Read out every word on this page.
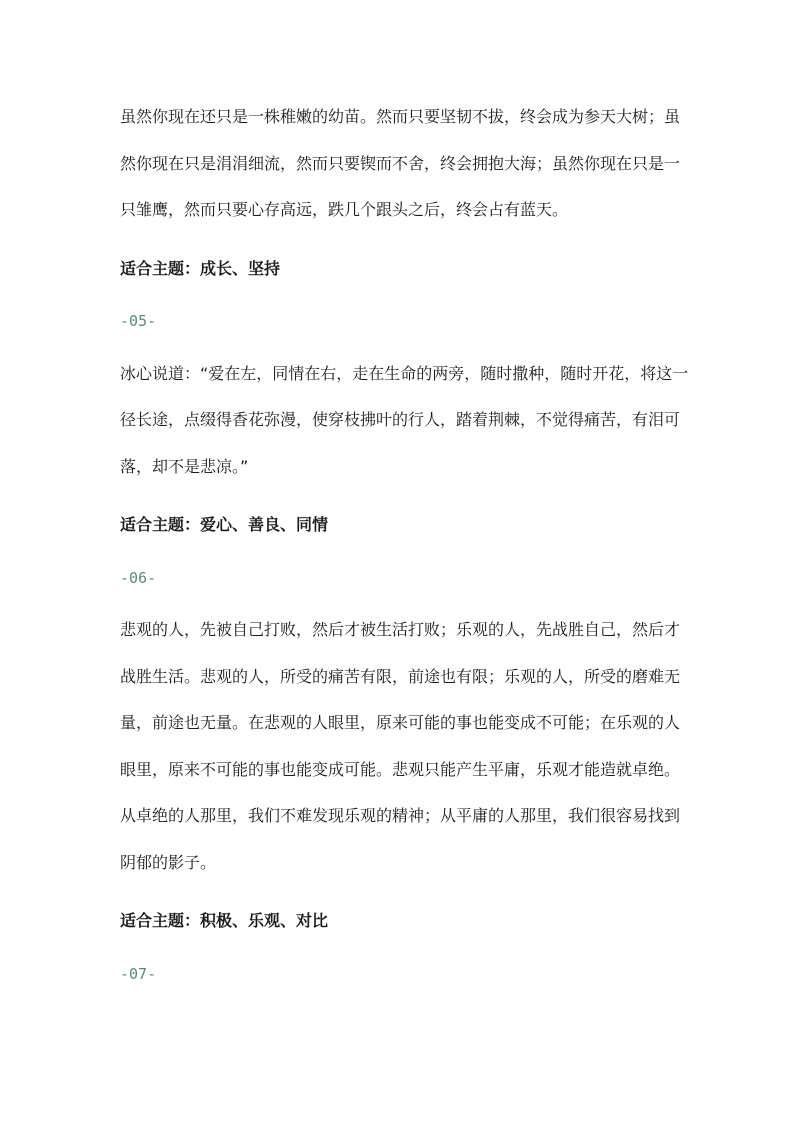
虽然你现在还只是一株稚嫩的幼苗。然而只要坚韧不拔，终会成为参天大树；虽然你现在只是涓涓细流，然而只要锲而不舍，终会拥抱大海；虽然你现在只是一只雏鹰，然而只要心存高远，跌几个跟头之后，终会占有蓝天。

适合主题：成长、坚持

-05-

冰心说道：“爱在左，同情在右，走在生命的两旁，随时撒种，随时开花，将这一径长途，点缀得香花弥漫，使穿枝拂叶的行人，踏着荆棘，不觉得痛苦，有泪可落，却不是悲凉。”

适合主题：爱心、善良、同情

-06-

悲观的人，先被自己打败，然后才被生活打败；乐观的人，先战胜自己，然后才战胜生活。悲观的人，所受的痛苦有限，前途也有限；乐观的人，所受的磨难无量，前途也无量。在悲观的人眼里，原来可能的事也能变成不可能；在乐观的人眼里，原来不可能的事也能变成可能。悲观只能产生平庸，乐观才能造就卓绝。从卓绝的人那里，我们不难发现乐观的精神；从平庸的人那里，我们很容易找到阴郁的影子。

适合主题：积极、乐观、对比

-07-
